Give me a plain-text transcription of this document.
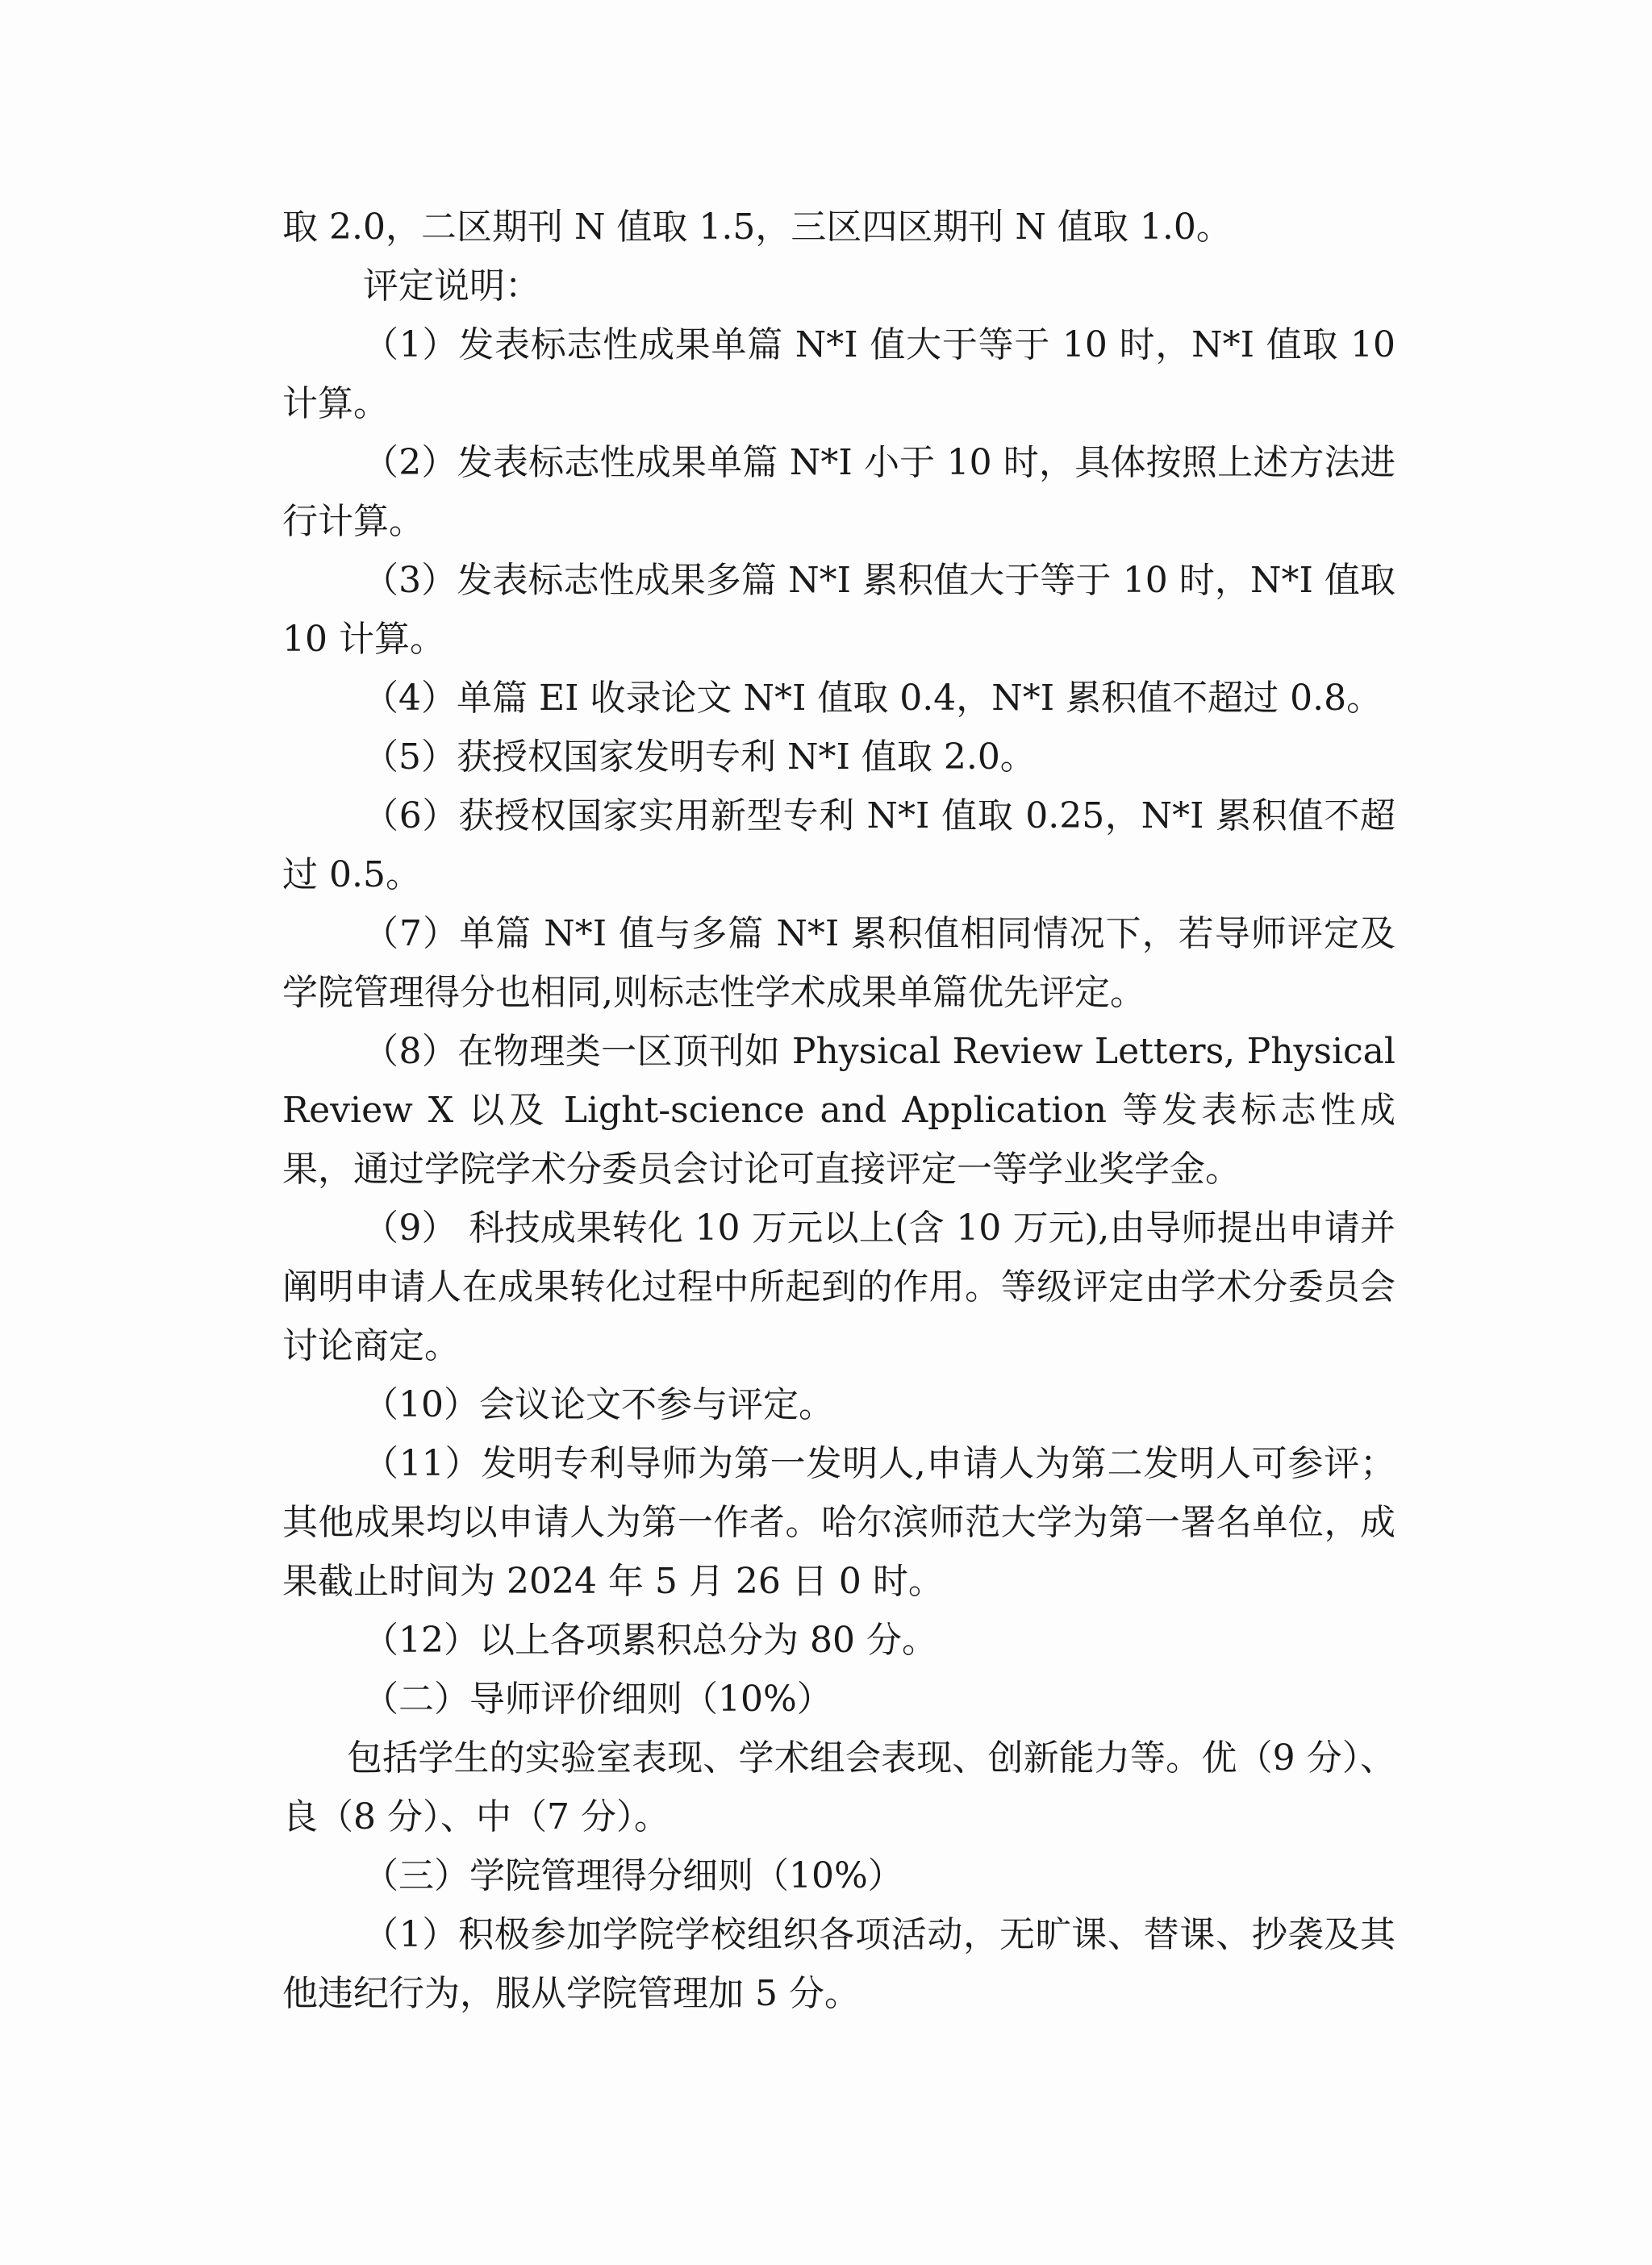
取 2.0，二区期刊 N 值取 1.5，三区四区期刊 N 值取 1.0。

评定说明：

（1）发表标志性成果单篇 N*I 值大于等于 10 时，N*I 值取 10 计算。

（2）发表标志性成果单篇 N*I 小于 10 时，具体按照上述方法进行计算。

（3）发表标志性成果多篇 N*I 累积值大于等于 10 时，N*I 值取 10 计算。

（4）单篇 EI 收录论文 N*I 值取 0.4，N*I 累积值不超过 0.8。

（5）获授权国家发明专利 N*I 值取 2.0。

（6）获授权国家实用新型专利 N*I 值取 0.25，N*I 累积值不超过 0.5。

（7）单篇 N*I 值与多篇 N*I 累积值相同情况下，若导师评定及学院管理得分也相同,则标志性学术成果单篇优先评定。

（8）在物理类一区顶刊如 Physical Review Letters, Physical Review X 以及 Light-science and Application 等发表标志性成果，通过学院学术分委员会讨论可直接评定一等学业奖学金。

（9） 科技成果转化 10 万元以上(含 10 万元),由导师提出申请并阐明申请人在成果转化过程中所起到的作用。等级评定由学术分委员会讨论商定。

（10）会议论文不参与评定。

（11）发明专利导师为第一发明人,申请人为第二发明人可参评；其他成果均以申请人为第一作者。哈尔滨师范大学为第一署名单位，成果截止时间为 2024 年 5 月 26 日 0 时。

（12）以上各项累积总分为 80 分。

（二）导师评价细则（10%）

包括学生的实验室表现、学术组会表现、创新能力等。优（9 分）、良（8 分）、中（7 分）。

（三）学院管理得分细则（10%）

（1）积极参加学院学校组织各项活动，无旷课、替课、抄袭及其他违纪行为，服从学院管理加 5 分。
